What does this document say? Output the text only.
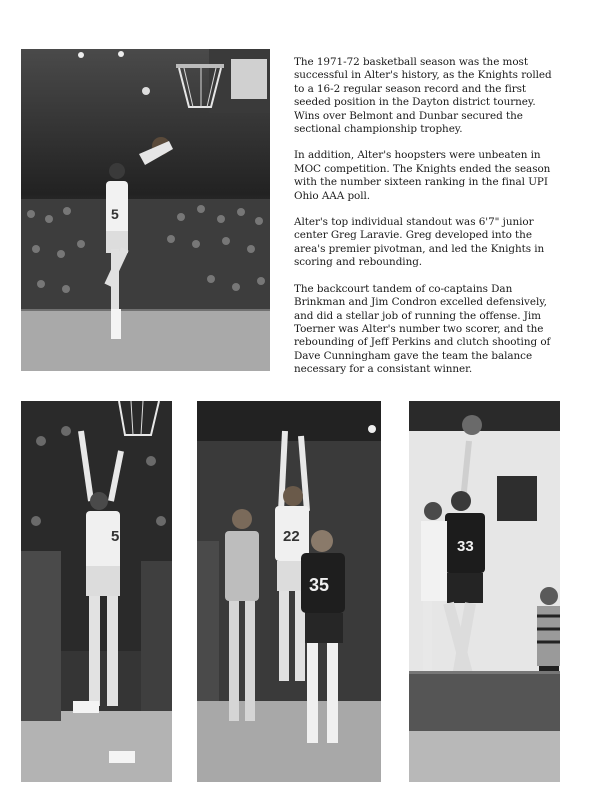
5

The 1971-72 basketball season was the most successful in Alter's history, as the Knights rolled to a 16-2 regular season record and the first seeded position in the Dayton district tourney. Wins over Belmont and Dunbar secured the sectional championship trophey.

In addition, Alter's hoopsters were unbeaten in MOC competition. The Knights ended the season with the number sixteen ranking in the final UPI Ohio AAA poll.

Alter's top individual standout was 6'7" junior center Greg Laravie. Greg developed into the area's premier pivotman, and led the Knights in scoring and rebounding.

The backcourt tandem of co-captains Dan Brinkman and Jim Condron excelled defensively, and did a stellar job of running the offense. Jim Toerner was Alter's number two scorer, and the rebounding of Jeff Perkins and clutch shooting of Dave Cunningham gave the team the balance necessary for a consistant winner.

5	22
35
33
